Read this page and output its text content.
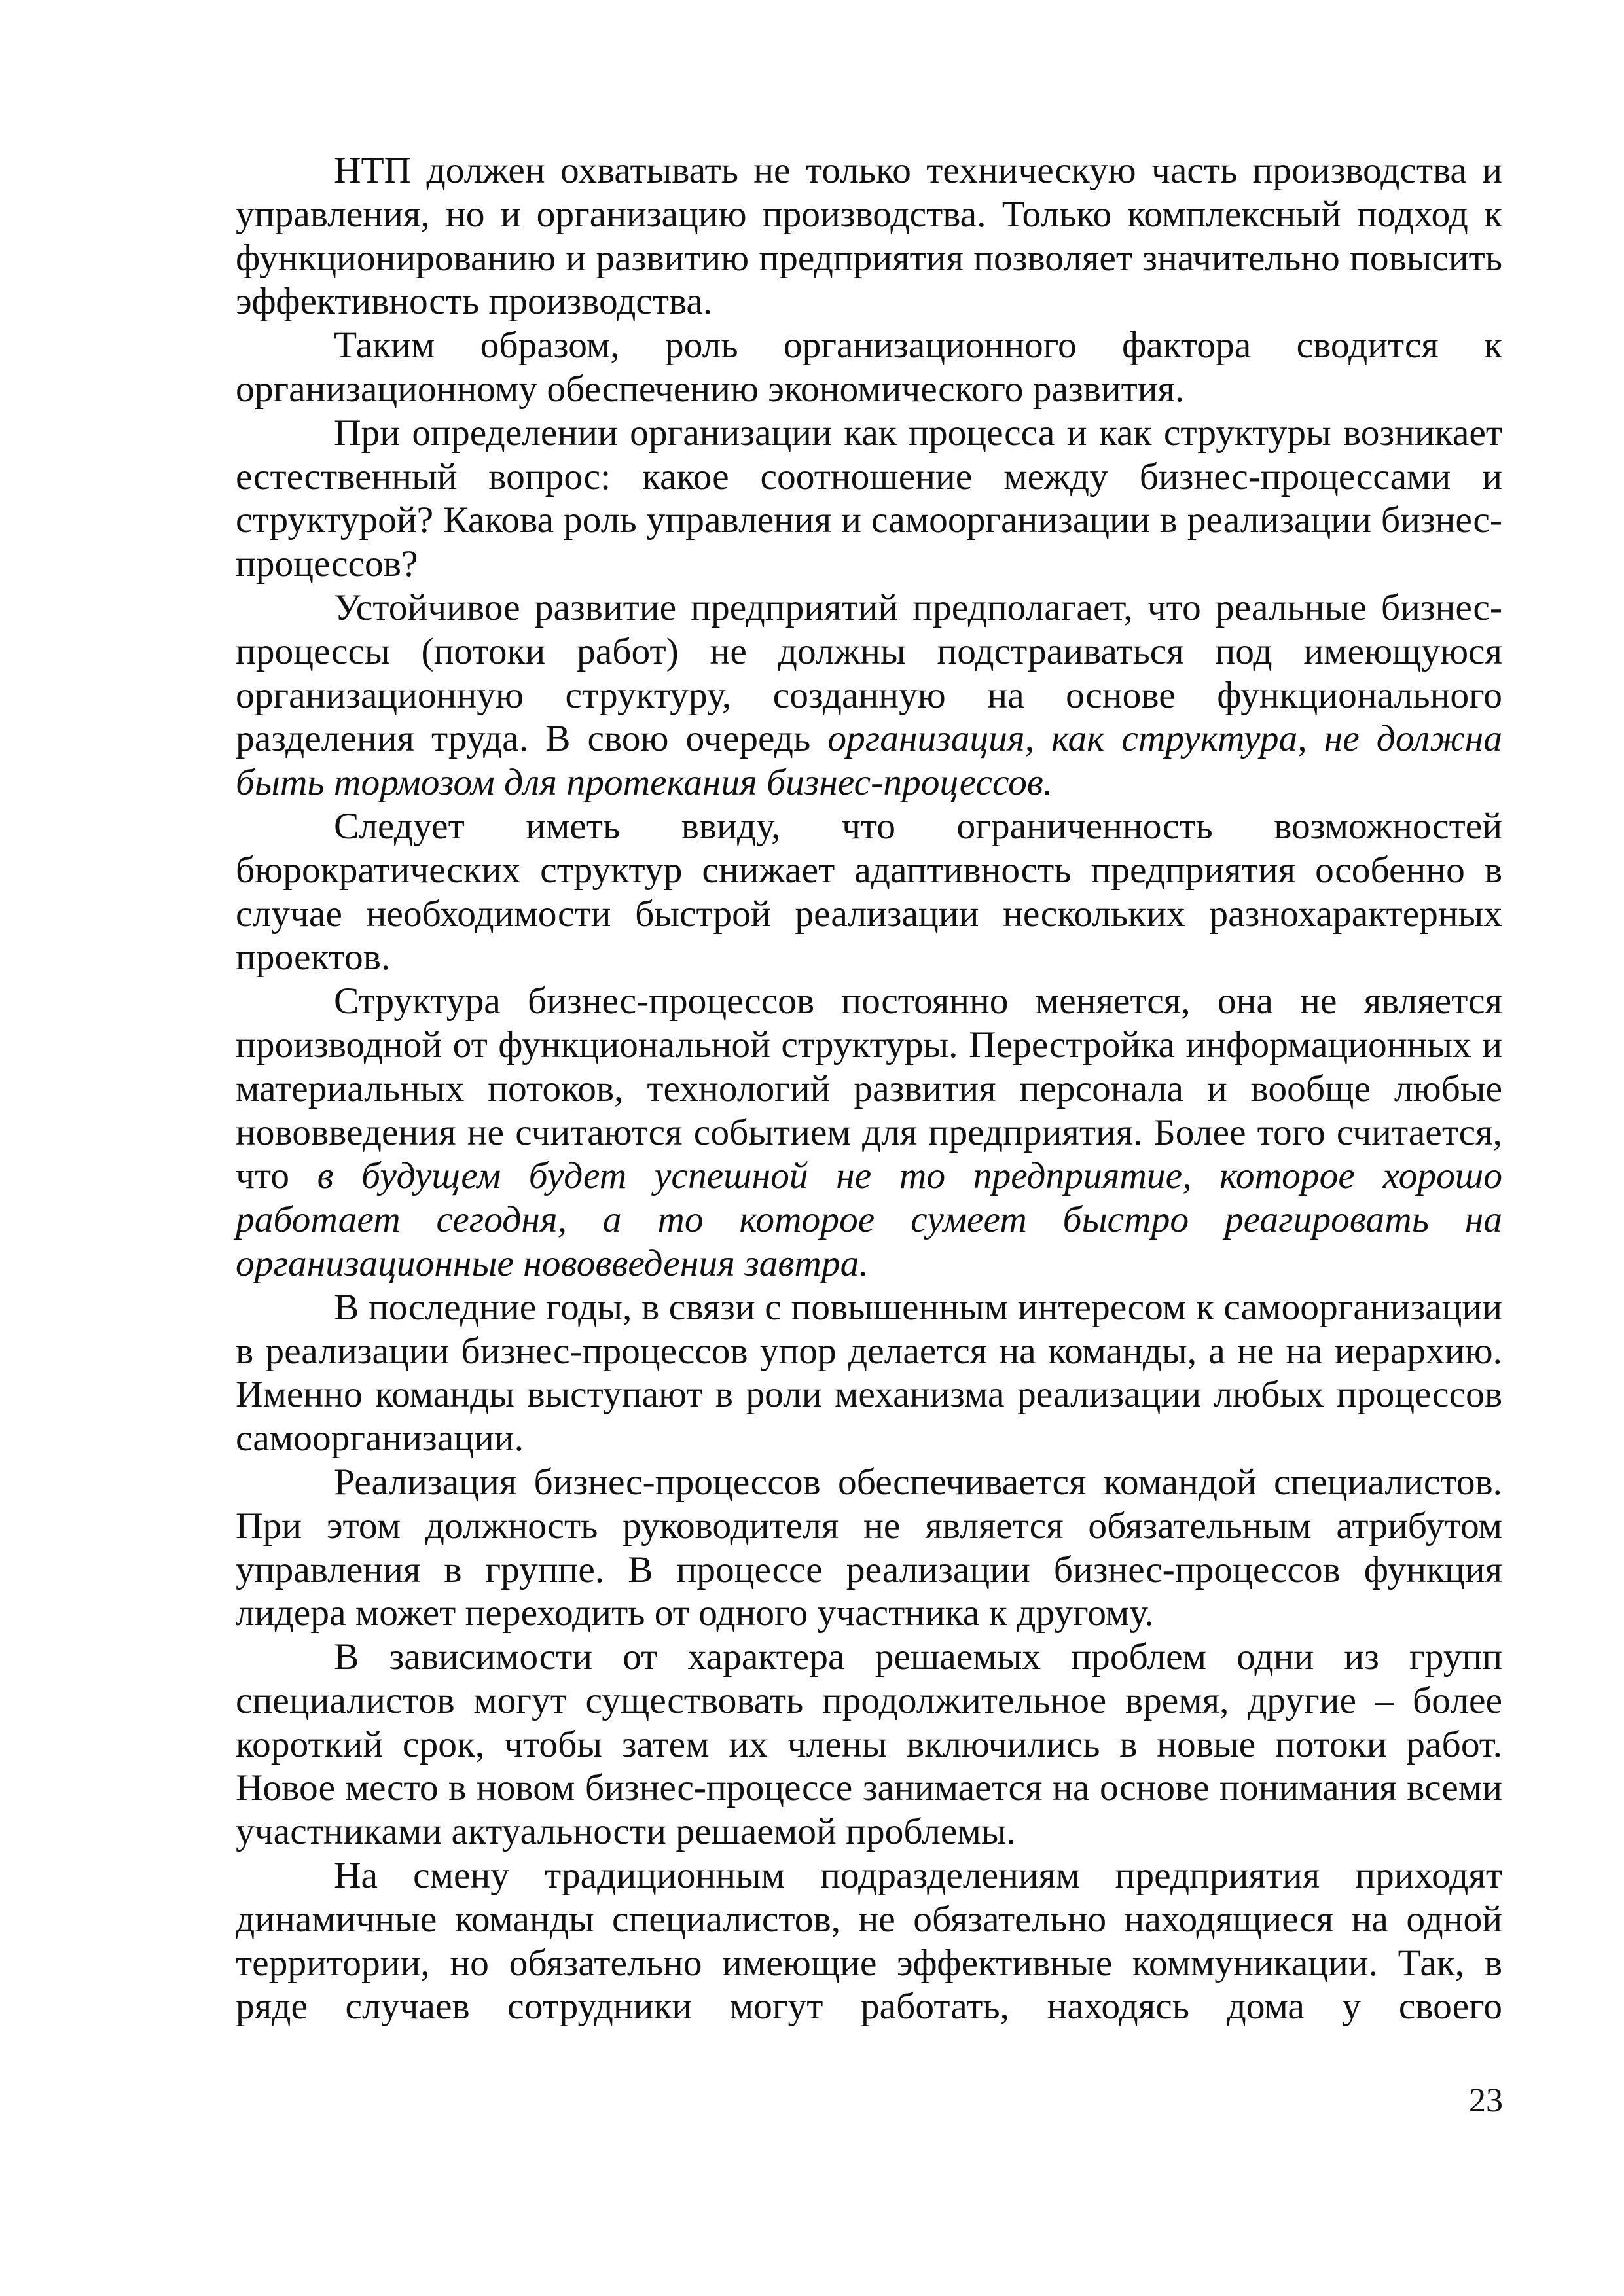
НТП должен охватывать не только техническую часть производства и управления, но и организацию производства. Только комплексный подход к функционированию и развитию предприятия позволяет значительно повысить эффективность производства.

Таким образом, роль организационного фактора сводится к организационному обеспечению экономического развития.

При определении организации как процесса и как структуры возникает естественный вопрос: какое соотношение между бизнес-процессами и структурой? Какова роль управления и самоорганизации в реализации бизнес-процессов?

Устойчивое развитие предприятий предполагает, что реальные бизнес-процессы (потоки работ) не должны подстраиваться под имеющуюся организационную структуру, созданную на основе функционального разделения труда. В свою очередь организация, как структура, не должна быть тормозом для протекания бизнес-процессов.

Следует иметь ввиду, что ограниченность возможностей бюрократических структур снижает адаптивность предприятия особенно в случае необходимости быстрой реализации нескольких разнохарактерных проектов.

Структура бизнес-процессов постоянно меняется, она не является производной от функциональной структуры. Перестройка информационных и материальных потоков, технологий развития персонала и вообще любые нововведения не считаются событием для предприятия. Более того считается, что в будущем будет успешной не то предприятие, которое хорошо работает сегодня, а то которое сумеет быстро реагировать на организационные нововведения завтра.

В последние годы, в связи с повышенным интересом к самоорганизации в реализации бизнес-процессов упор делается на команды, а не на иерархию. Именно команды выступают в роли механизма реализации любых процессов самоорганизации.

Реализация бизнес-процессов обеспечивается командой специалистов. При этом должность руководителя не является обязательным атрибутом управления в группе. В процессе реализации бизнес-процессов функция лидера может переходить от одного участника к другому.

В зависимости от характера решаемых проблем одни из групп специалистов могут существовать продолжительное время, другие – более короткий срок, чтобы затем их члены включились в новые потоки работ. Новое место в новом бизнес-процессе занимается на основе понимания всеми участниками актуальности решаемой проблемы.

На смену традиционным подразделениям предприятия приходят динамичные команды специалистов, не обязательно находящиеся на одной территории, но обязательно имеющие эффективные коммуникации. Так, в ряде случаев сотрудники могут работать, находясь дома у своего

23
